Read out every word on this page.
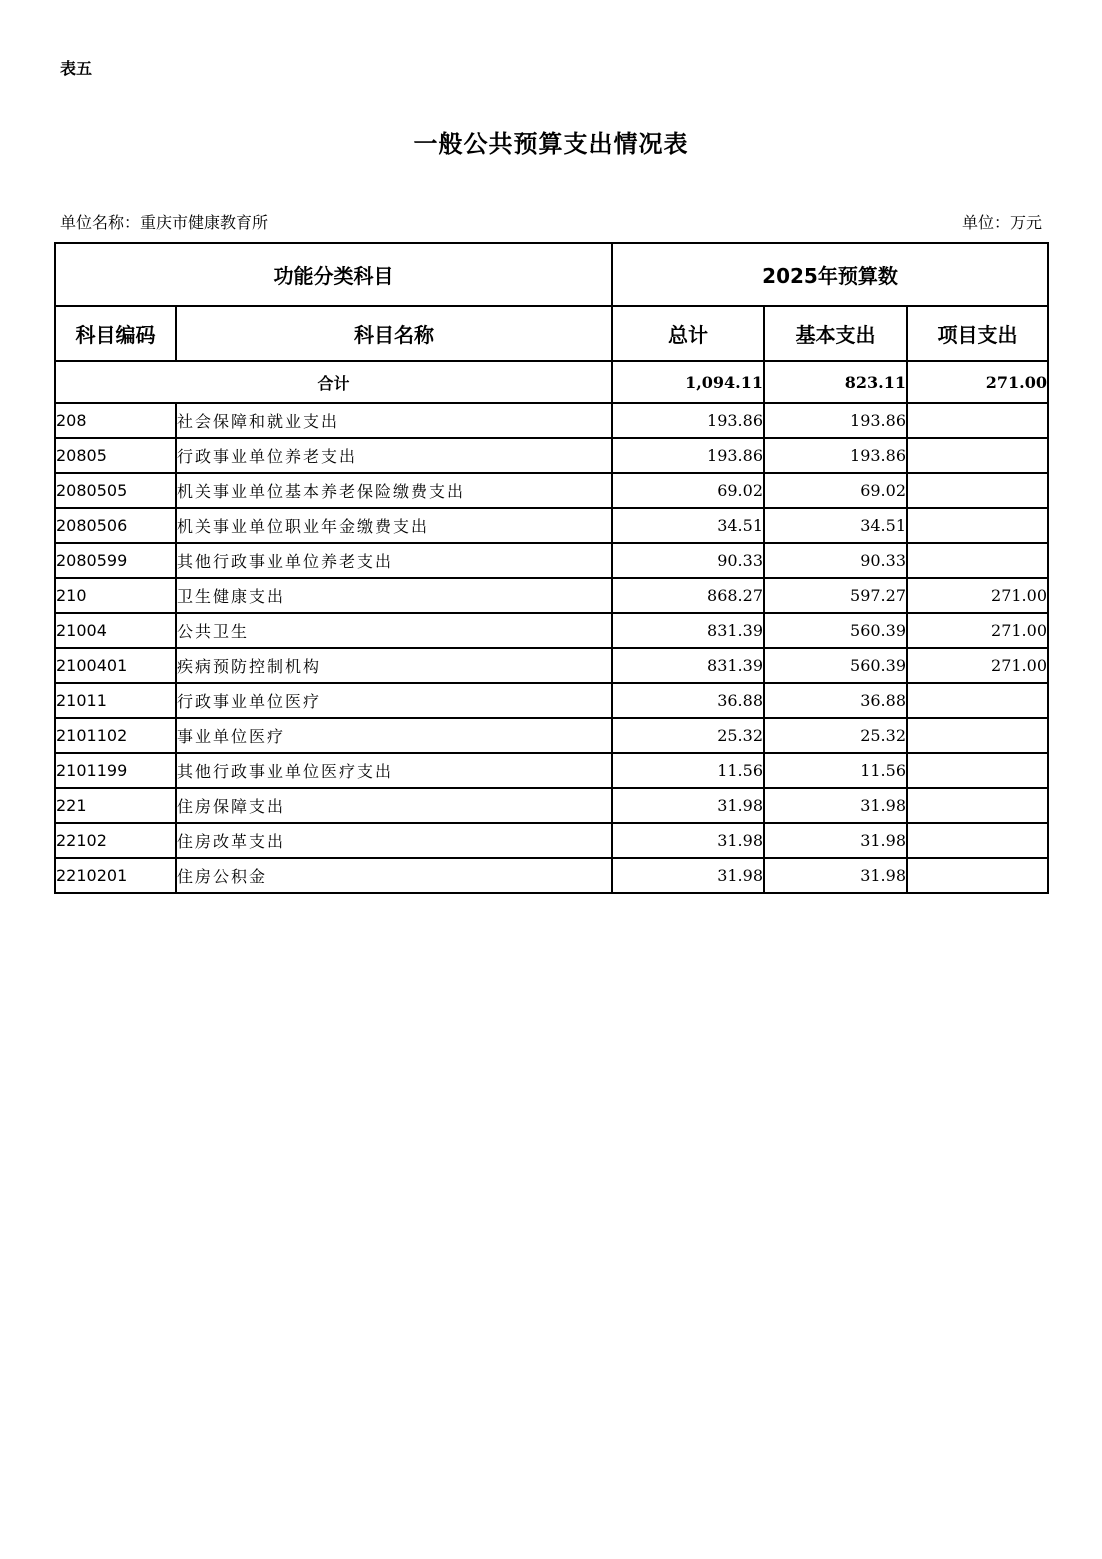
表五
一般公共预算支出情况表
单位名称：重庆市健康教育所	单位：万元
功能分类科目		2025年预算数		
科目编码	科目名称	总计	基本支出	项目支出
合计		1,094.11	823.11	271.00
208	社会保障和就业支出	193.86	193.86	
20805	行政事业单位养老支出	193.86	193.86	
2080505	机关事业单位基本养老保险缴费支出	69.02	69.02	
2080506	机关事业单位职业年金缴费支出	34.51	34.51	
2080599	其他行政事业单位养老支出	90.33	90.33	
210	卫生健康支出	868.27	597.27	271.00
21004	公共卫生	831.39	560.39	271.00
2100401	疾病预防控制机构	831.39	560.39	271.00
21011	行政事业单位医疗	36.88	36.88	
2101102	事业单位医疗	25.32	25.32	
2101199	其他行政事业单位医疗支出	11.56	11.56	
221	住房保障支出	31.98	31.98	
22102	住房改革支出	31.98	31.98	
2210201	住房公积金	31.98	31.98	
